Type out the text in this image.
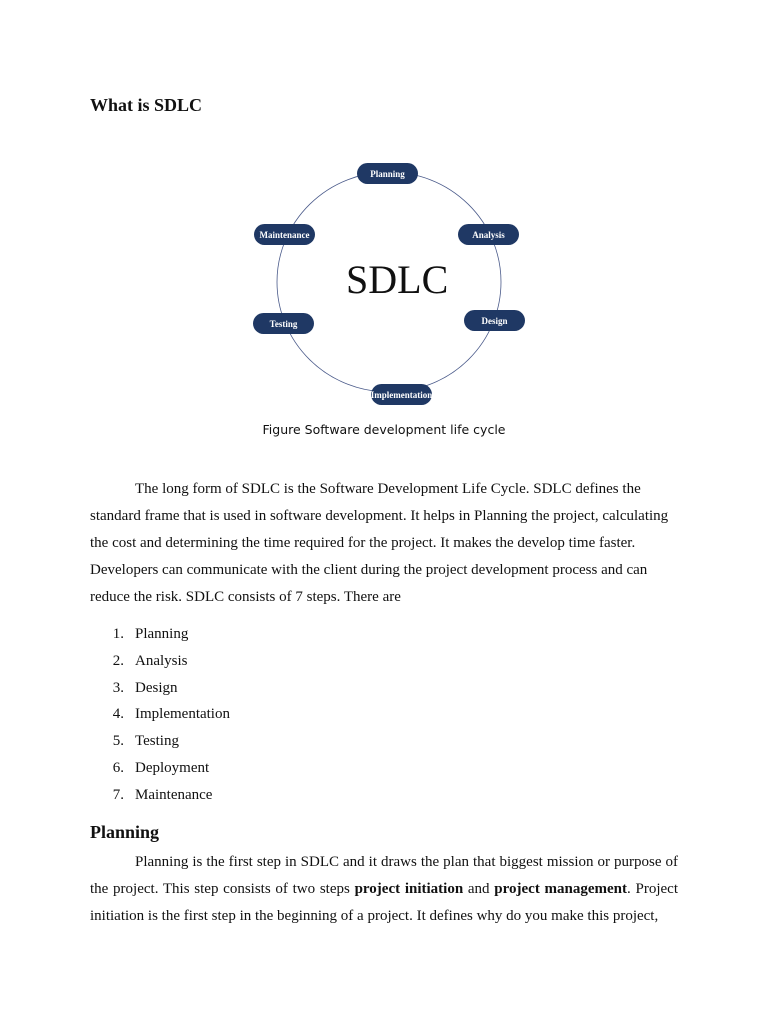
What is SDLC
SDLC
Planning
Analysis
Design
Implementation
Testing
Maintenance
Figure Software development life cycle

The long form of SDLC is the Software Development Life Cycle. SDLC defines the standard frame that is used in software development. It helps in Planning the project, calculating the cost and determining the time required for the project. It makes the develop time faster. Developers can communicate with the client during the project development process and can reduce the risk. SDLC consists of 7 steps. There are

1. Planning
2. Analysis
3. Design
4. Implementation
5. Testing
6. Deployment
7. Maintenance
Planning

Planning is the first step in SDLC and it draws the plan that biggest mission or purpose of the project. This step consists of two steps project initiation and project management. Project initiation is the first step in the beginning of a project. It defines why do you make this project,
